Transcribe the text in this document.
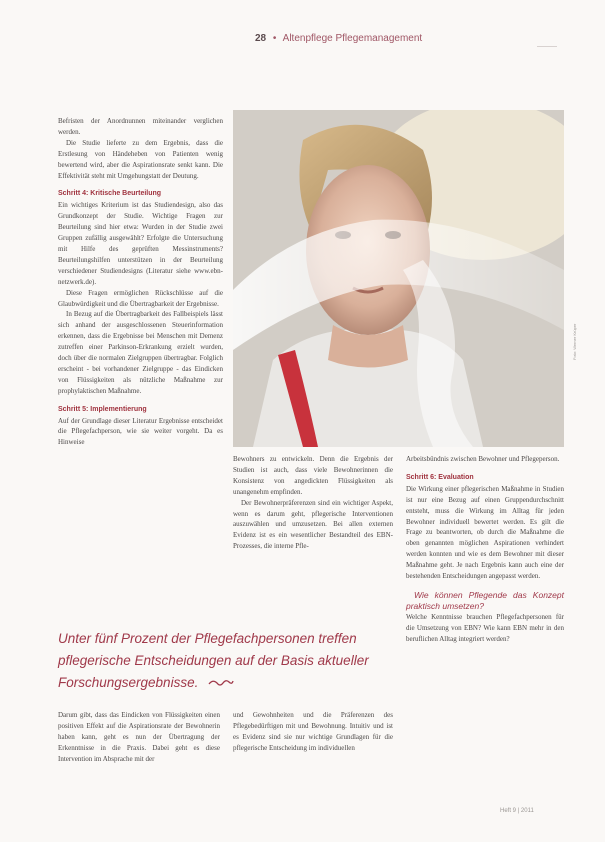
28 • Altenpflege Pflegemanagement

Befristen der Anordnunnen miteinander verglichen werden.

Die Studie lieferte zu dem Ergebnis, dass die Erstlesung von Händeheben von Patienten wenig bewertend wird, aber die Aspirationsrate senkt kann. Die Effektivität steht mit Umgehungstatt der Deutung.

Schritt 4: Kritische Beurteilung

Ein wichtiges Kriterium ist das Studiendesign, also das Grundkonzept der Studie. Wichtige Fragen zur Beurteilung sind hier etwa: Wurden in der Studie zwei Gruppen zufällig ausgewählt? Erfolgte die Untersuchung mit Hilfe des geprüften Messinstruments? Beurteilungshilfen unterstützen in der Beurteilung verschiedener Studiendesigns (Literatur siehe www.ebn-netzwerk.de).

Diese Fragen ermöglichen Rückschlüsse auf die Glaubwürdigkeit und die Übertragbarkeit der Ergebnisse.

In Bezug auf die Übertragbarkeit des Fallbeispiels lässt sich anhand der ausgeschlossenen Steuerinformation erkennen, dass die Ergebnisse bei Menschen mit Demenz zutreffen einer Parkinson-Erkrankung erzielt wurden, doch über die normalen Zielgruppen übertragbar. Folglich erscheint - bei vorhandener Zielgruppe - das Eindicken von Flüssigkeiten als nützliche Maßnahme zur prophylaktischen Maßnahme.

Schritt 5: Implementierung

Auf der Grundlage dieser Literatur Ergebnisse entscheidet die Pflegefachperson, wie sie weiter vorgeht. Da es Hinweise

Foto: Werner Krüper

Bewohners zu entwickeln. Denn die Ergebnis der Studien ist auch, dass viele Bewohnerinnen die Konsistenz von angedickten Flüssigkeiten als unangenehm empfinden.

Der Bewohnerpräferenzen sind ein wichtiger Aspekt, wenn es darum geht, pflegerische Interventionen auszuwählen und umzusetzen. Bei allen externen Evidenz ist es ein wesentlicher Bestandteil des EBN-Prozesses, die interne Pfle-

Arbeitsbündnis zwischen Bewohner und Pflegeperson.

Schritt 6: Evaluation

Die Wirkung einer pflegerischen Maßnahme in Studien ist nur eine Bezug auf einen Gruppendurchschnitt entsteht, muss die Wirkung im Alltag für jeden Bewohner individuell bewertet werden. Es gilt die Frage zu beantworten, ob durch die Maßnahme die oben genannten möglichen Aspirationen verhindert werden konnten und wie es dem Bewohner mit dieser Maßnahme geht. Je nach Ergebnis kann auch eine der bestehenden Entscheidungen angepasst werden.

Wie können Pflegende das Konzept praktisch umsetzen?

Welche Kenntnisse brauchen Pflegefachpersonen für die Umsetzung von EBN? Wie kann EBN mehr in den beruflichen Alltag integriert werden?

Unter fünf Prozent der Pflegefachpersonen treffen pflegerische Entscheidungen auf der Basis aktueller Forschungsergebnisse.

Darum gibt, dass das Eindicken von Flüssigkeiten einen positiven Effekt auf die Aspirationsrate der Bewohnerin haben kann, geht es nun der Übertragung der Erkenntnisse in die Praxis. Dabei geht es diese Intervention im Absprache mit der

und Gewohnheiten und die Präferenzen des Pflegebedürftigen mit und Bewohnung. Intuitiv und ist es Evidenz sind sie nur wichtige Grundlagen für die pflegerische Entscheidung im individuellen

Heft 9 | 2011
